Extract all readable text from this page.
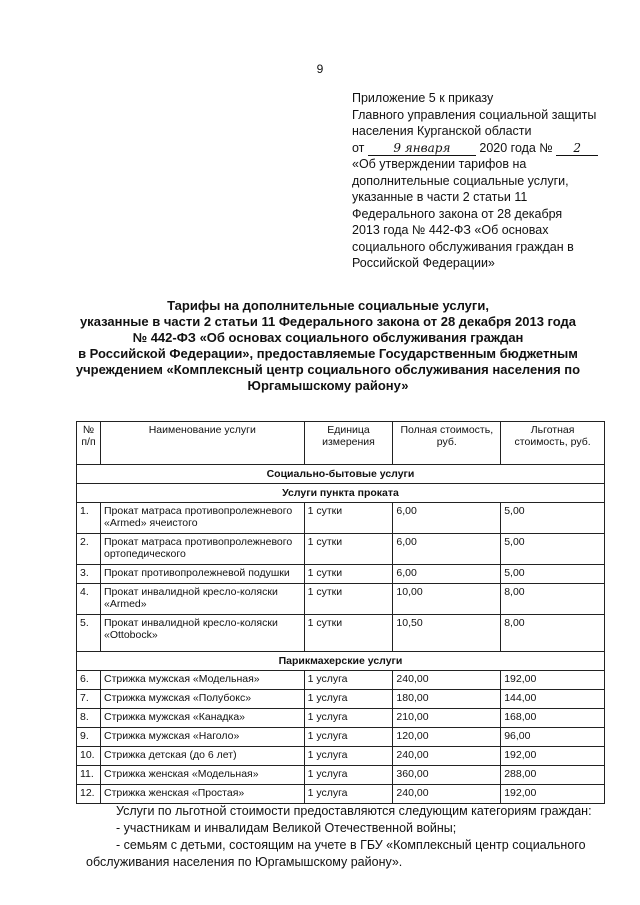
9
Приложение 5 к приказу
Главного управления социальной защиты
населения Курганской области
от 9 января 2020 года № 2
«Об утверждении тарифов на
дополнительные социальные услуги,
указанные в части 2 статьи 11
Федерального закона от 28 декабря
2013 года № 442-ФЗ «Об основах
социального обслуживания граждан в
Российской Федерации»
Тарифы на дополнительные социальные услуги,
указанные в части 2 статьи 11 Федерального закона от 28 декабря 2013 года
№ 442-ФЗ «Об основах социального обслуживания граждан
в Российской Федерации», предоставляемые Государственным бюджетным
учреждением «Комплексный центр социального обслуживания населения по
Юргамышскому району»
№ п/п	Наименование услуги	Единица измерения	Полная стоимость, руб.	Льготная стоимость, руб.
Социально-бытовые услуги				
Услуги пункта проката				
1.	Прокат матраса противопролежневого «Armed» ячеистого	1 сутки	6,00	5,00
2.	Прокат матраса противопролежневого ортопедического	1 сутки	6,00	5,00
3.	Прокат противопролежневой подушки	1 сутки	6,00	5,00
4.	Прокат инвалидной кресло-коляски «Armed»	1 сутки	10,00	8,00
5.	Прокат инвалидной кресло-коляски «Ottobock»	1 сутки	10,50	8,00
Парикмахерские услуги				
6.	Стрижка мужская «Модельная»	1 услуга	240,00	192,00
7.	Стрижка мужская «Полубокс»	1 услуга	180,00	144,00
8.	Стрижка мужская «Канадка»	1 услуга	210,00	168,00
9.	Стрижка мужская «Наголо»	1 услуга	120,00	96,00
10.	Стрижка детская (до 6 лет)	1 услуга	240,00	192,00
11.	Стрижка женская «Модельная»	1 услуга	360,00	288,00
12.	Стрижка женская «Простая»	1 услуга	240,00	192,00

Услуги по льготной стоимости предоставляются следующим категориям граждан:

- участникам и инвалидам Великой Отечественной войны;

- семьям с детьми, состоящим на учете в ГБУ «Комплексный центр социального обслуживания населения по Юргамышскому району».
